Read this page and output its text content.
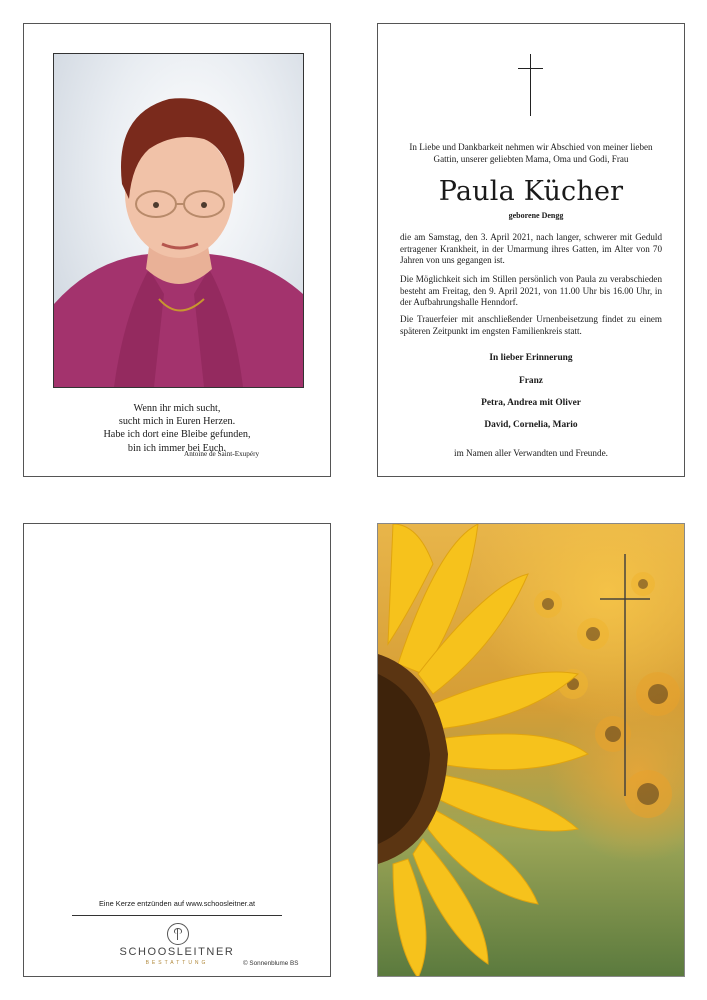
Wenn ihr mich sucht,
sucht mich in Euren Herzen.
Habe ich dort eine Bleibe gefunden,
bin ich immer bei Euch.
Antoine de Saint-Exupéry
In Liebe und Dankbarkeit nehmen wir Abschied von meiner lieben Gattin, unserer geliebten Mama, Oma und Godi, Frau
Paula Kücher
geborene Dengg
die am Samstag, den 3. April 2021, nach langer, schwerer mit Geduld ertragener Krankheit, in der Umarmung ihres Gatten, im Alter von 70 Jahren von uns gegangen ist.
Die Möglichkeit sich im Stillen persönlich von Paula zu verabschieden besteht am Freitag, den 9. April 2021, von 11.00 Uhr bis 16.00 Uhr, in der Aufbahrungshalle Henndorf.
Die Trauerfeier mit anschließender Urnenbeisetzung findet zu einem späteren Zeitpunkt im engsten Familienkreis statt.
In lieber Erinnerung
Franz
Petra, Andrea mit Oliver
David, Cornelia, Mario
im Namen aller Verwandten und Freunde.
Eine Kerze entzünden auf www.schoosleitner.at
SCHOOSLEITNER
BESTATTUNG	© Sonnenblume BS
